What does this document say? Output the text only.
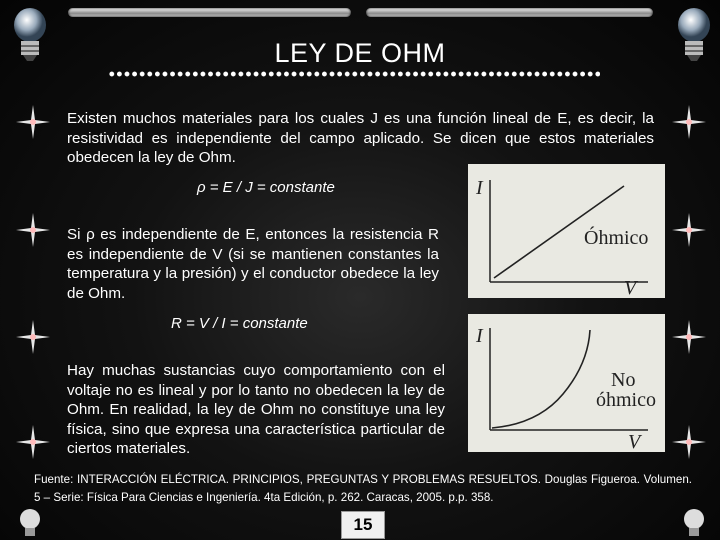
LEY DE OHM
Existen muchos materiales para los cuales J es una función lineal de E, es decir, la resistividad es independiente del campo aplicado. Se dicen que estos materiales obedecen la ley de Ohm.
ρ = E / J = constante
Si ρ es independiente de E, entonces la resistencia R es independiente de V (si se mantienen constantes la temperatura y la presión) y el conductor obedece la ley de Ohm.
R = V / I = constante
Hay muchas sustancias cuyo comportamiento con el voltaje no es lineal y por lo tanto no obedecen la ley de Ohm. En realidad, la ley de Ohm no constituye una ley física, sino que expresa una característica particular de ciertos materiales.
I
V
Óhmico
I
V
No
óhmico
Fuente: INTERACCIÓN ELÉCTRICA. PRINCIPIOS, PREGUNTAS Y PROBLEMAS RESUELTOS. Douglas Figueroa. Volumen. 5 – Serie: Física Para Ciencias e Ingeniería. 4ta Edición, p. 262. Caracas, 2005. p.p. 358.
15
